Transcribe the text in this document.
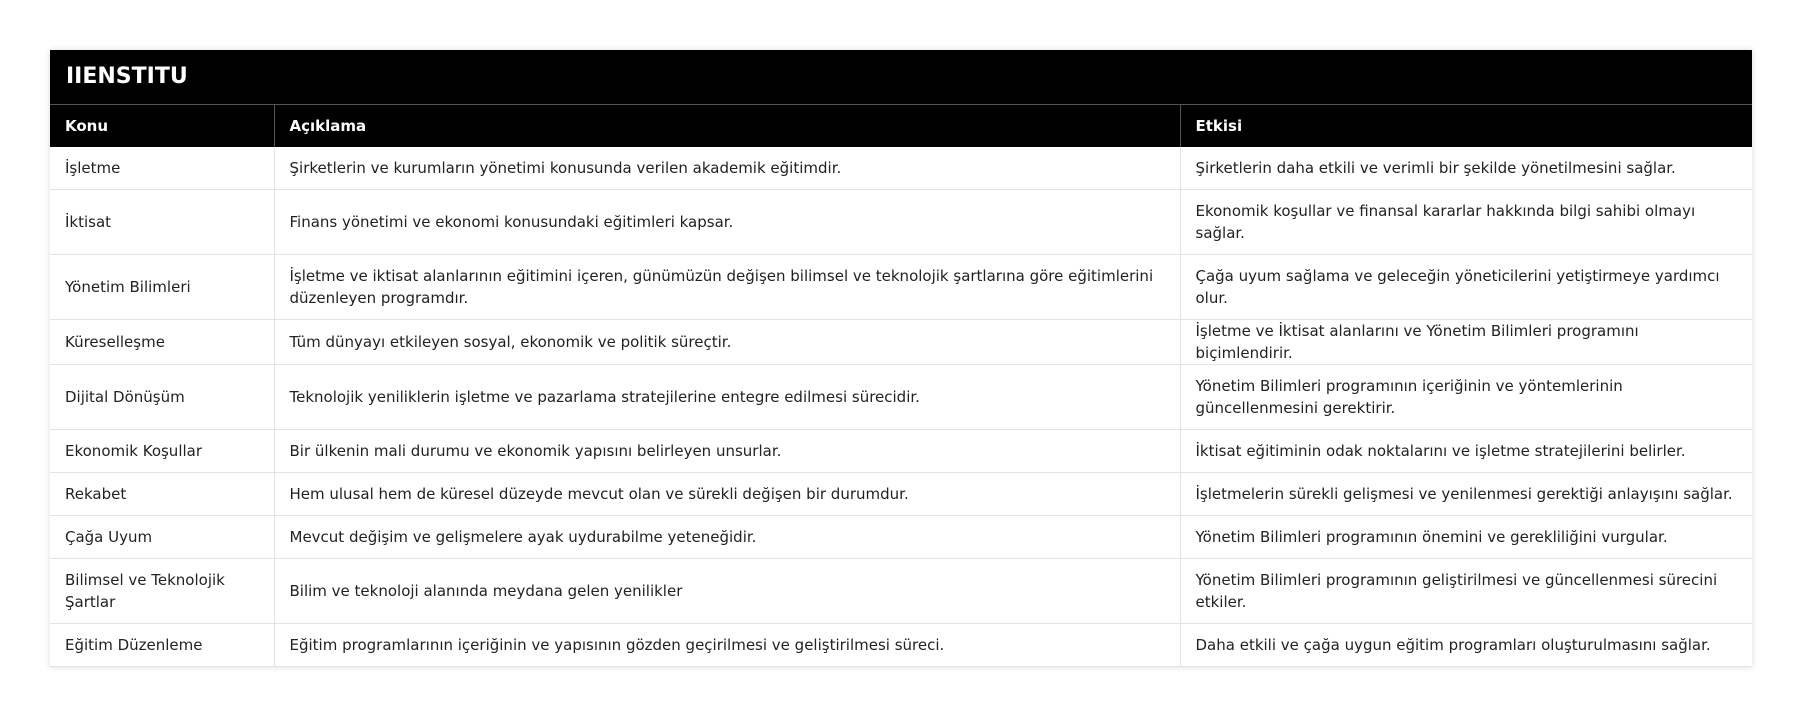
IIENSTITU
Konu	Açıklama	Etkisi
İşletme	Şirketlerin ve kurumların yönetimi konusunda verilen akademik eğitimdir.	Şirketlerin daha etkili ve verimli bir şekilde yönetilmesini sağlar.
İktisat	Finans yönetimi ve ekonomi konusundaki eğitimleri kapsar.	Ekonomik koşullar ve finansal kararlar hakkında bilgi sahibi olmayı sağlar.
Yönetim Bilimleri	İşletme ve iktisat alanlarının eğitimini içeren, günümüzün değişen bilimsel ve teknolojik şartlarına göre eğitimlerini düzenleyen programdır.	Çağa uyum sağlama ve geleceğin yöneticilerini yetiştirmeye yardımcı olur.
Küreselleşme	Tüm dünyayı etkileyen sosyal, ekonomik ve politik süreçtir.	İşletme ve İktisat alanlarını ve Yönetim Bilimleri programını biçimlendirir.
Dijital Dönüşüm	Teknolojik yeniliklerin işletme ve pazarlama stratejilerine entegre edilmesi sürecidir.	Yönetim Bilimleri programının içeriğinin ve yöntemlerinin güncellenmesini gerektirir.
Ekonomik Koşullar	Bir ülkenin mali durumu ve ekonomik yapısını belirleyen unsurlar.	İktisat eğitiminin odak noktalarını ve işletme stratejilerini belirler.
Rekabet	Hem ulusal hem de küresel düzeyde mevcut olan ve sürekli değişen bir durumdur.	İşletmelerin sürekli gelişmesi ve yenilenmesi gerektiği anlayışını sağlar.
Çağa Uyum	Mevcut değişim ve gelişmelere ayak uydurabilme yeteneğidir.	Yönetim Bilimleri programının önemini ve gerekliliğini vurgular.
Bilimsel ve Teknolojik Şartlar	Bilim ve teknoloji alanında meydana gelen yenilikler	Yönetim Bilimleri programının geliştirilmesi ve güncellenmesi sürecini etkiler.
Eğitim Düzenleme	Eğitim programlarının içeriğinin ve yapısının gözden geçirilmesi ve geliştirilmesi süreci.	Daha etkili ve çağa uygun eğitim programları oluşturulmasını sağlar.
